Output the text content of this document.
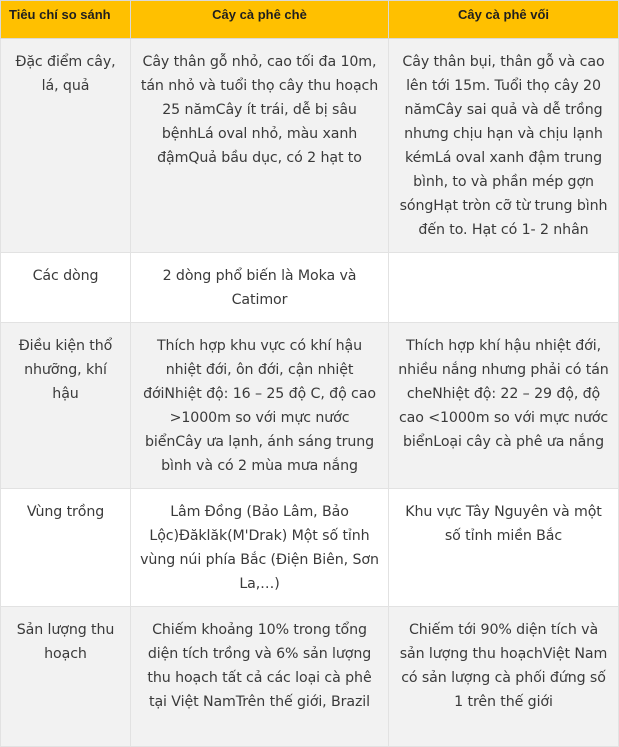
Tiêu chí so sánh	Cây cà phê chè	Cây cà phê vối
Đặc điểm cây, lá, quả	Cây thân gỗ nhỏ, cao tối đa 10m, tán nhỏ và tuổi thọ cây thu hoạch 25 nămCây ít trái, dễ bị sâu bệnhLá oval nhỏ, màu xanh đậmQuả bầu dục, có 2 hạt to	Cây thân bụi, thân gỗ và cao lên tới 15m. Tuổi thọ cây 20 nămCây sai quả và dễ trồng nhưng chịu hạn và chịu lạnh kémLá oval xanh đậm trung bình, to và phần mép gợn sóngHạt tròn cỡ từ trung bình đến to. Hạt có 1- 2 nhân
Các dòng	2 dòng phổ biến là Moka và Catimor	
Điều kiện thổ nhưỡng, khí hậu	Thích hợp khu vực có khí hậu nhiệt đới, ôn đới, cận nhiệt đớiNhiệt độ: 16 – 25 độ C, độ cao >1000m so với mực nước biểnCây ưa lạnh, ánh sáng trung bình và có 2 mùa mưa nắng	Thích hợp khí hậu nhiệt đới, nhiều nắng nhưng phải có tán cheNhiệt độ: 22 – 29 độ, độ cao <1000m so với mực nước biểnLoại cây cà phê ưa nắng
Vùng trồng	Lâm Đồng (Bảo Lâm, Bảo Lộc)Đăklăk(M'Drak) Một số tỉnh vùng núi phía Bắc (Điện Biên, Sơn La,…)	Khu vực Tây Nguyên và một số tỉnh miền Bắc
Sản lượng thu hoạch	Chiếm khoảng 10% trong tổng diện tích trồng và 6% sản lượng thu hoạch tất cả các loại cà phê tại Việt NamTrên thế giới, Brazil	Chiếm tới 90% diện tích và sản lượng thu hoạchViệt Nam có sản lượng cà phối đứng số 1 trên thế giới
